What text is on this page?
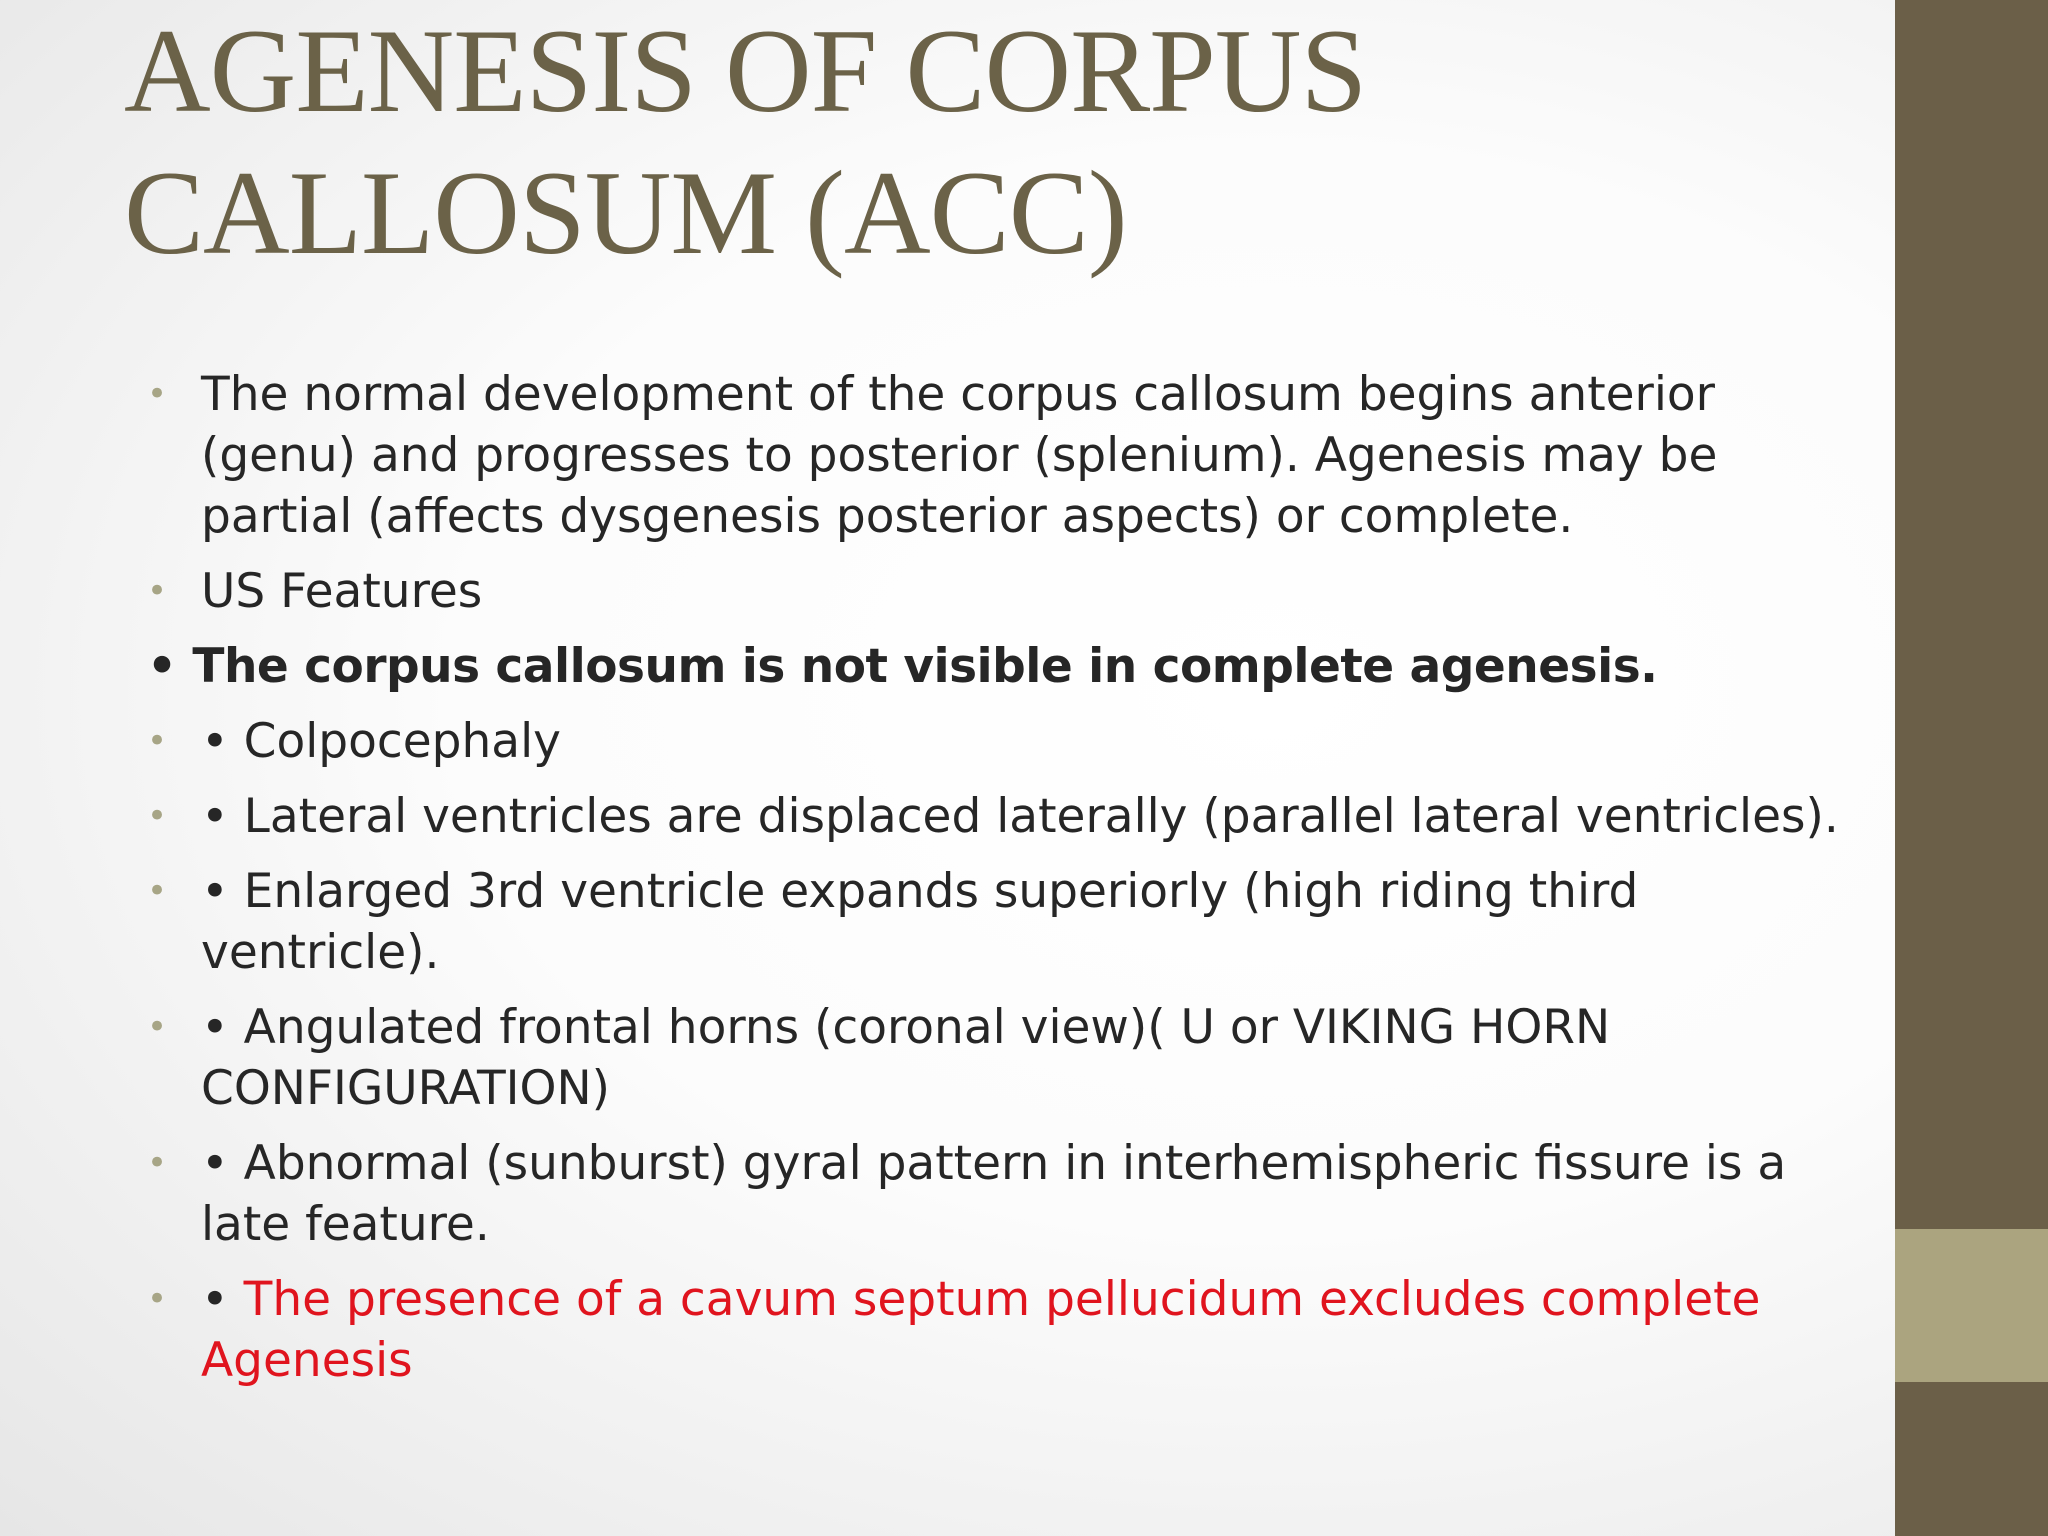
AGENESIS OF CORPUS CALLOSUM (ACC)
• The normal development of the corpus callosum begins anterior (genu) and progresses to posterior (splenium). Agenesis may be partial (affects dysgenesis posterior aspects) or complete.
• US Features
• The corpus callosum is not visible in complete agenesis.
• • Colpocephaly
• • Lateral ventricles are displaced laterally (parallel lateral ventricles).
• • Enlarged 3rd ventricle expands superiorly (high riding third ventricle).
• • Angulated frontal horns (coronal view)( U or VIKING HORN CONFIGURATION)
• • Abnormal (sunburst) gyral pattern in interhemispheric fissure is a late feature.
• • The presence of a cavum septum pellucidum excludes complete Agenesis
